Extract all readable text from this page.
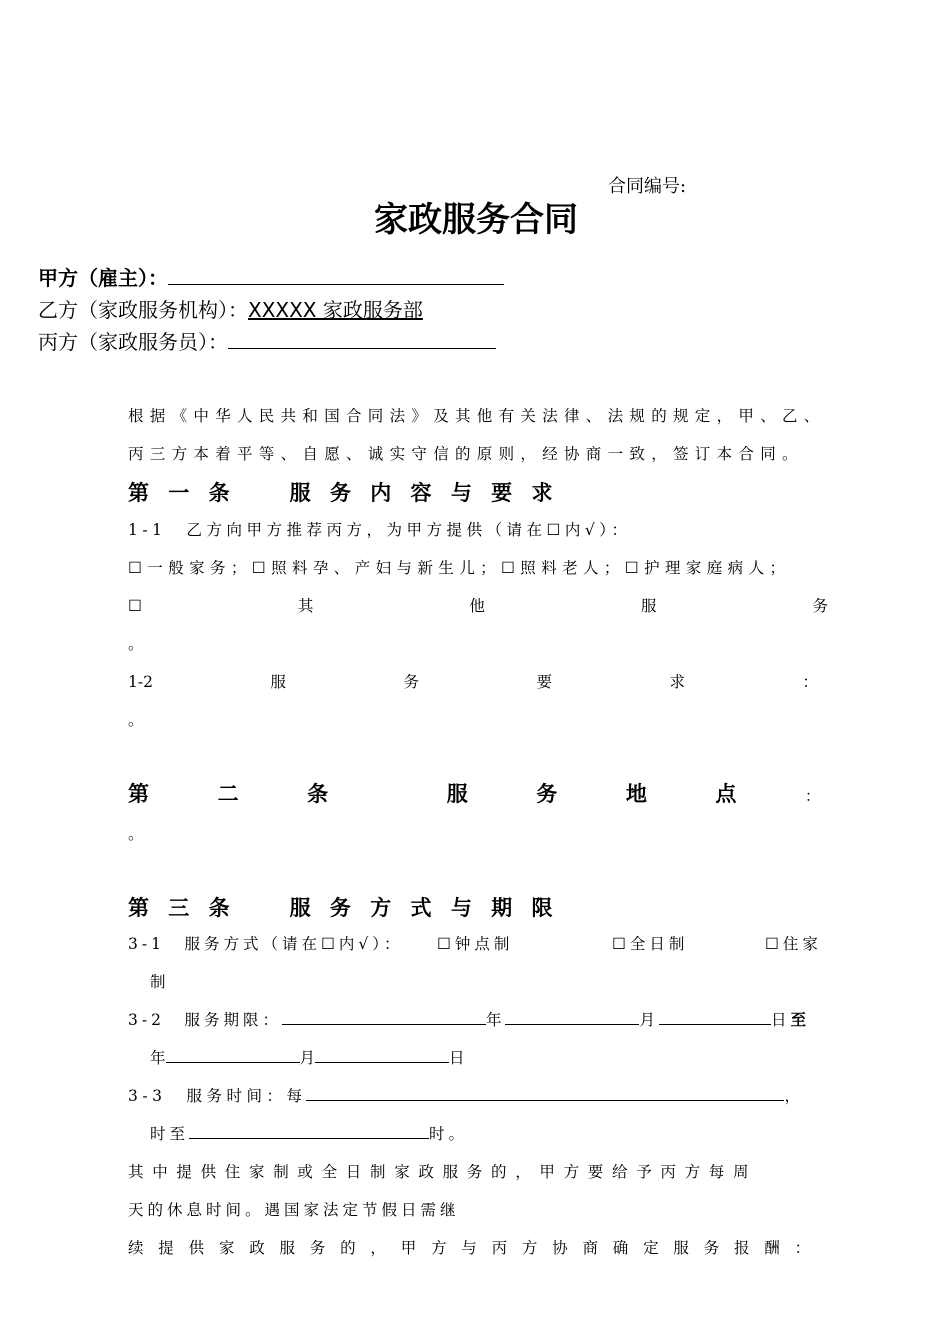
合同编号:
家政服务合同
甲方（雇主）：
乙方（家政服务机构）：XXXXX 家政服务部
丙方（家政服务员）：
根据《中华人民共和国合同法》及其他有关法律、法规的规定，甲、乙、
丙三方本着平等、自愿、诚实守信的原则，经协商一致，签订本合同。
第 一 条　　服 务 内 容 与 要 求
1-1　乙方向甲方推荐丙方，为甲方提供（请在☐内√）：
☐一般家务；☐照料孕、产妇与新生儿；☐照料老人；☐护理家庭病人；
☐	其	他	服	务
。
1-2	服	务	要	求	：
。
第	二	条	服	务	地	点	：
。
第 三 条　　服 务 方 式 与 期 限
3-1　服务方式（请在☐内√）： ☐钟点制	☐全日制	☐住家
制
3-2　服务期限：	年	月	日至
年	月	日
3-3　服务时间：每	，
时至	时。
其中提供住家制或全日制家政服务的，甲方要给予丙方每周
天的休息时间。遇国家法定节假日需继
续提供家政服务的，甲方与丙方协商确定服务报酬：
